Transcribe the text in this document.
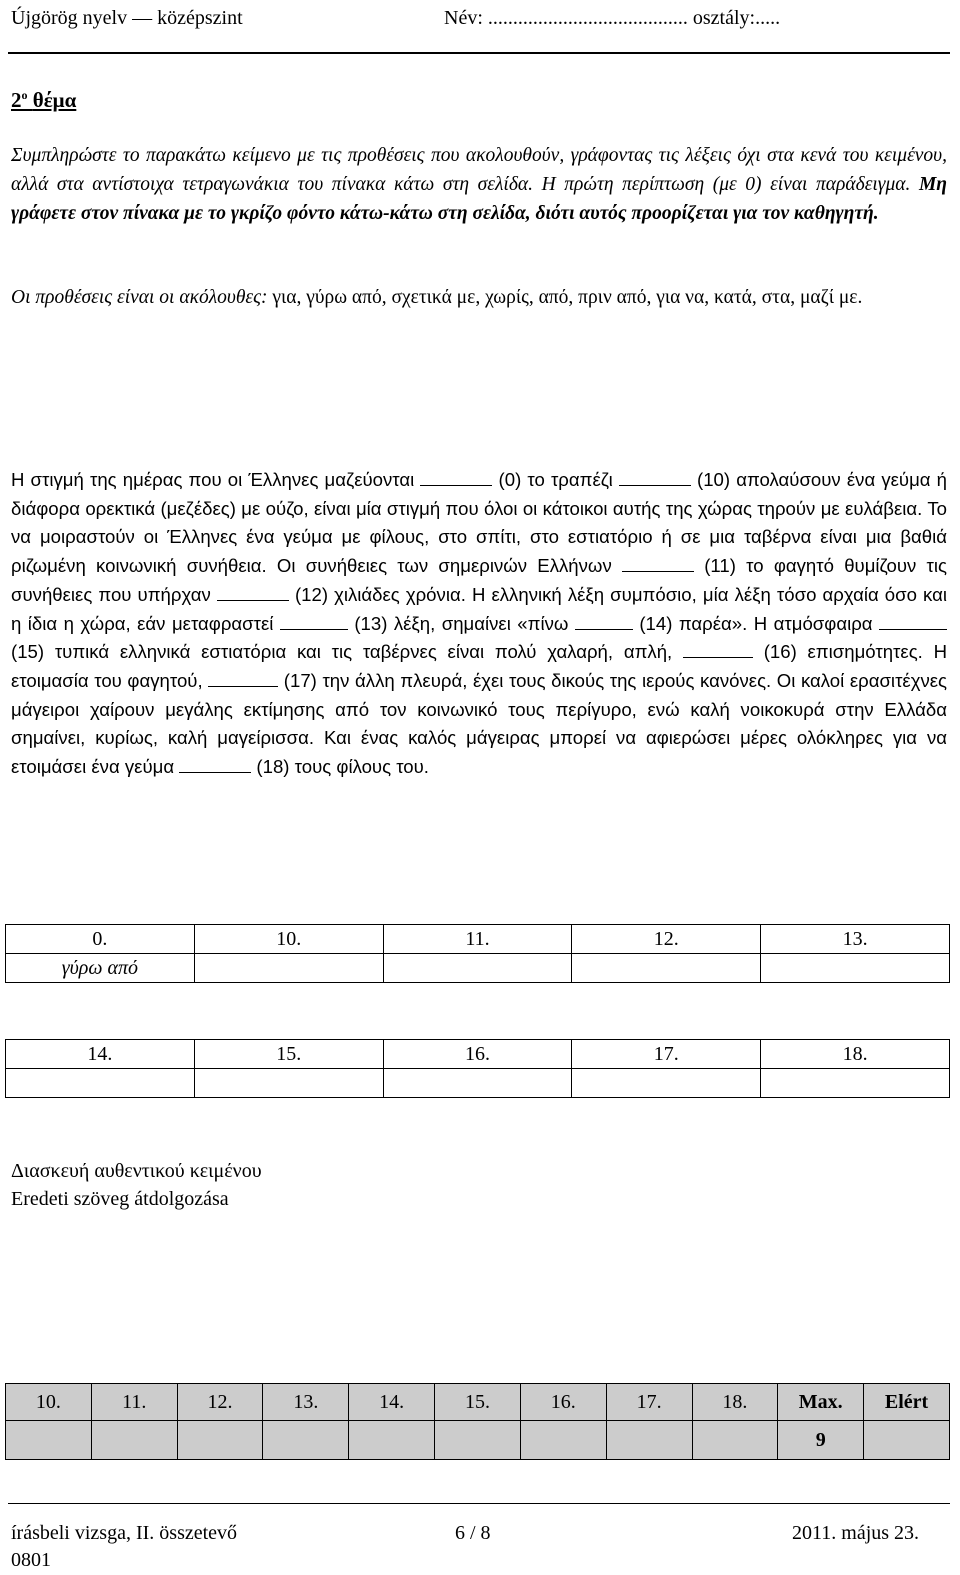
Újgörög nyelv — középszint	Név: ........................................ osztály:.....
$2^o$ θέμα
Συμπληρώστε το παρακάτω κείμενο με τις προθέσεις που ακολουθούν, γράφοντας τις λέξεις όχι στα κενά του κειμένου, αλλά στα αντίστοιχα τετραγωνάκια του πίνακα κάτω στη σελίδα. Η πρώτη περίπτωση (με 0) είναι παράδειγμα. Μη γράφετε στον πίνακα με το γκρίζο φόντο κάτω-κάτω στη σελίδα, διότι αυτός προορίζεται για τον καθηγητή.
Οι προθέσεις είναι οι ακόλουθες: για, γύρω από, σχετικά με, χωρίς, από, πριν από, για να, κατά, στα, μαζί με.
Η στιγμή της ημέρας που οι Έλληνες μαζεύονται	(0) το τραπέζι	(10) απολαύσουν ένα γεύμα ή διάφορα ορεκτικά (μεζέδες) με ούζο, είναι μία στιγμή που όλοι οι κάτοικοι αυτής της χώρας τηρούν με ευλάβεια. Το να μοιραστούν οι Έλληνες ένα γεύμα με φίλους, στο σπίτι, στο εστιατόριο ή σε μια ταβέρνα είναι μια βαθιά ριζωμένη κοινωνική συνήθεια. Οι συνήθειες των σημερινών Ελλήνων	(11) το φαγητό θυμίζουν τις συνήθειες που υπήρχαν	(12) χιλιάδες χρόνια. Η ελληνική λέξη συμπόσιο, μία λέξη τόσο αρχαία όσο και η ίδια η χώρα, εάν μεταφραστεί	(13) λέξη, σημαίνει «πίνω	(14) παρέα». Η ατμόσφαιρα  (15) τυπικά ελληνικά εστιατόρια και τις ταβέρνες είναι πολύ χαλαρή, απλή,	(16) επισημότητες. Η ετοιμασία του φαγητού,	(17) την άλλη πλευρά, έχει τους δικούς της ιερούς κανόνες. Οι καλοί ερασιτέχνες μάγειροι χαίρουν μεγάλης εκτίμησης από τον κοινωνικό τους περίγυρο, ενώ καλή νοικοκυρά στην Ελλάδα σημαίνει, κυρίως, καλή μαγείρισσα. Και ένας καλός μάγειρας μπορεί να αφιερώσει μέρες ολόκληρες για να ετοιμάσει ένα γεύμα	(18) τους φίλους του.
0.	10.	11.	12.	13.
γύρω από				
14.	15.	16.	17.	18.

Διασκευή αυθεντικού κειμένου
Eredeti szöveg átdolgozása
10.	11.	12.	13.	14.	15.	16.	17.	18.	Max.	Elért
									9	
írásbeli vizsga, II. összetevő
0801
6 / 8	2011. május 23.
